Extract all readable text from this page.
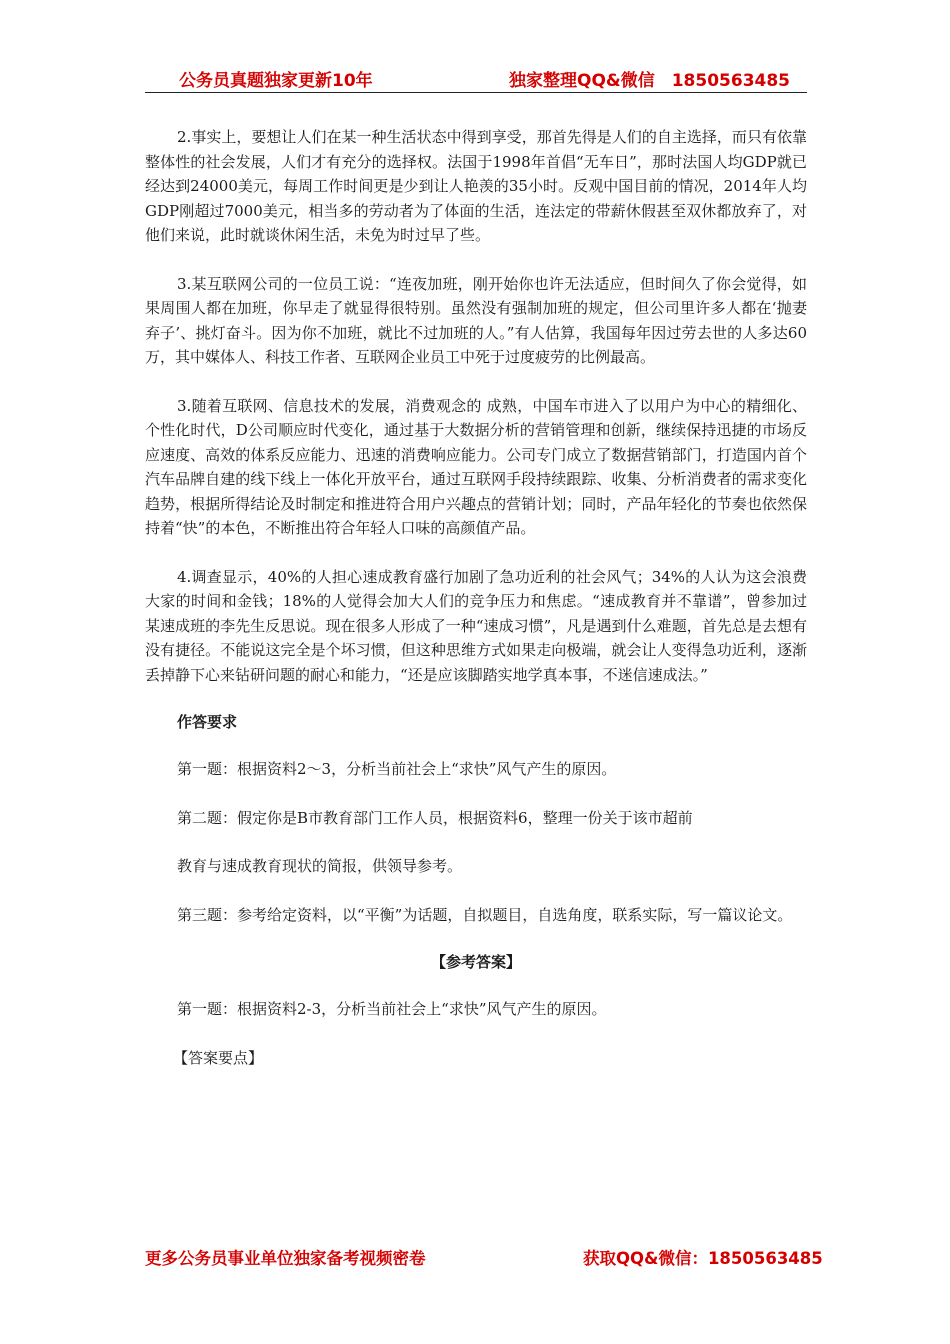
公务员真题独家更新10年	独家整理QQ&微信　1850563485

2.事实上，要想让人们在某一种生活状态中得到享受，那首先得是人们的自主选择，而只有依靠整体性的社会发展，人们才有充分的选择权。法国于1998年首倡“无车日”，那时法国人均GDP就已经达到24000美元，每周工作时间更是少到让人艳羡的35小时。反观中国目前的情况，2014年人均GDP刚超过7000美元，相当多的劳动者为了体面的生活，连法定的带薪休假甚至双休都放弃了，对他们来说，此时就谈休闲生活，未免为时过早了些。

3.某互联网公司的一位员工说：“连夜加班，刚开始你也许无法适应，但时间久了你会觉得，如果周围人都在加班，你早走了就显得很特别。虽然没有强制加班的规定，但公司里许多人都在‘抛妻弃子’、挑灯奋斗。因为你不加班，就比不过加班的人。”有人估算，我国每年因过劳去世的人多达60万，其中媒体人、科技工作者、互联网企业员工中死于过度疲劳的比例最高。

3.随着互联网、信息技术的发展，消费观念的 成熟，中国车市进入了以用户为中心的精细化、个性化时代，D公司顺应时代变化，通过基于大数据分析的营销管理和创新，继续保持迅捷的市场反应速度、高效的体系反应能力、迅速的消费响应能力。公司专门成立了数据营销部门，打造国内首个汽车品牌自建的线下线上一体化开放平台，通过互联网手段持续跟踪、收集、分析消费者的需求变化趋势，根据所得结论及时制定和推进符合用户兴趣点的营销计划；同时，产品年轻化的节奏也依然保持着“快”的本色，不断推出符合年轻人口味的高颜值产品。

4.调查显示，40%的人担心速成教育盛行加剧了急功近利的社会风气；34%的人认为这会浪费大家的时间和金钱；18%的人觉得会加大人们的竞争压力和焦虑。“速成教育并不靠谱”，曾参加过某速成班的李先生反思说。现在很多人形成了一种“速成习惯”，凡是遇到什么难题，首先总是去想有没有捷径。不能说这完全是个坏习惯，但这种思维方式如果走向极端，就会让人变得急功近利，逐渐丢掉静下心来钻研问题的耐心和能力，“还是应该脚踏实地学真本事，不迷信速成法。”

作答要求
第一题：根据资料2～3，分析当前社会上“求快”风气产生的原因。
第二题：假定你是B市教育部门工作人员，根据资料6，整理一份关于该市超前
教育与速成教育现状的简报，供领导参考。

第三题：参考给定资料，以“平衡”为话题，自拟题目，自选角度，联系实际，写一篇议论文。

【参考答案】
第一题：根据资料2-3，分析当前社会上“求快”风气产生的原因。
【答案要点】
更多公务员事业单位独家备考视频密卷	获取QQ&微信：1850563485
